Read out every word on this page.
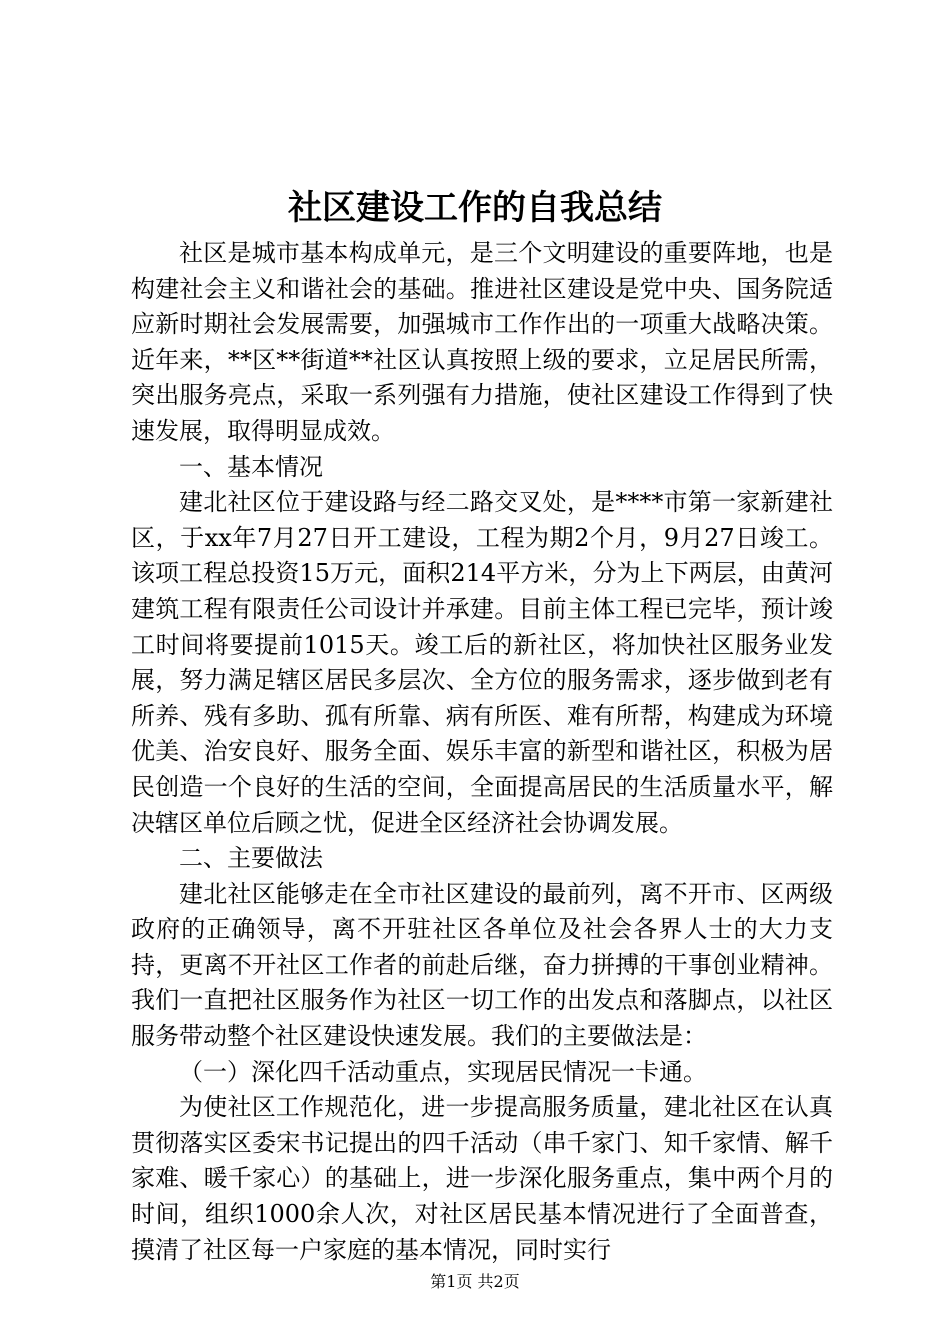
社区建设工作的自我总结

社区是城市基本构成单元，是三个文明建设的重要阵地，也是构建社会主义和谐社会的基础。推进社区建设是党中央、国务院适应新时期社会发展需要，加强城市工作作出的一项重大战略决策。近年来，**区**街道**社区认真按照上级的要求，立足居民所需，突出服务亮点，采取一系列强有力措施，使社区建设工作得到了快速发展，取得明显成效。

一、基本情况

建北社区位于建设路与经二路交叉处，是****市第一家新建社区，于xx年7月27日开工建设，工程为期2个月，9月27日竣工。该项工程总投资15万元，面积214平方米，分为上下两层，由黄河建筑工程有限责任公司设计并承建。目前主体工程已完毕，预计竣工时间将要提前1015天。竣工后的新社区，将加快社区服务业发展，努力满足辖区居民多层次、全方位的服务需求，逐步做到老有所养、残有多助、孤有所靠、病有所医、难有所帮，构建成为环境优美、治安良好、服务全面、娱乐丰富的新型和谐社区，积极为居民创造一个良好的生活的空间，全面提高居民的生活质量水平，解决辖区单位后顾之忧，促进全区经济社会协调发展。

二、主要做法

建北社区能够走在全市社区建设的最前列，离不开市、区两级政府的正确领导，离不开驻社区各单位及社会各界人士的大力支持，更离不开社区工作者的前赴后继，奋力拼搏的干事创业精神。我们一直把社区服务作为社区一切工作的出发点和落脚点，以社区服务带动整个社区建设快速发展。我们的主要做法是：

（一）深化四千活动重点，实现居民情况一卡通。

为使社区工作规范化，进一步提高服务质量，建北社区在认真贯彻落实区委宋书记提出的四千活动（串千家门、知千家情、解千家难、暖千家心）的基础上，进一步深化服务重点，集中两个月的时间，组织1000余人次，对社区居民基本情况进行了全面普查，摸清了社区每一户家庭的基本情况，同时实行

第1页 共2页
